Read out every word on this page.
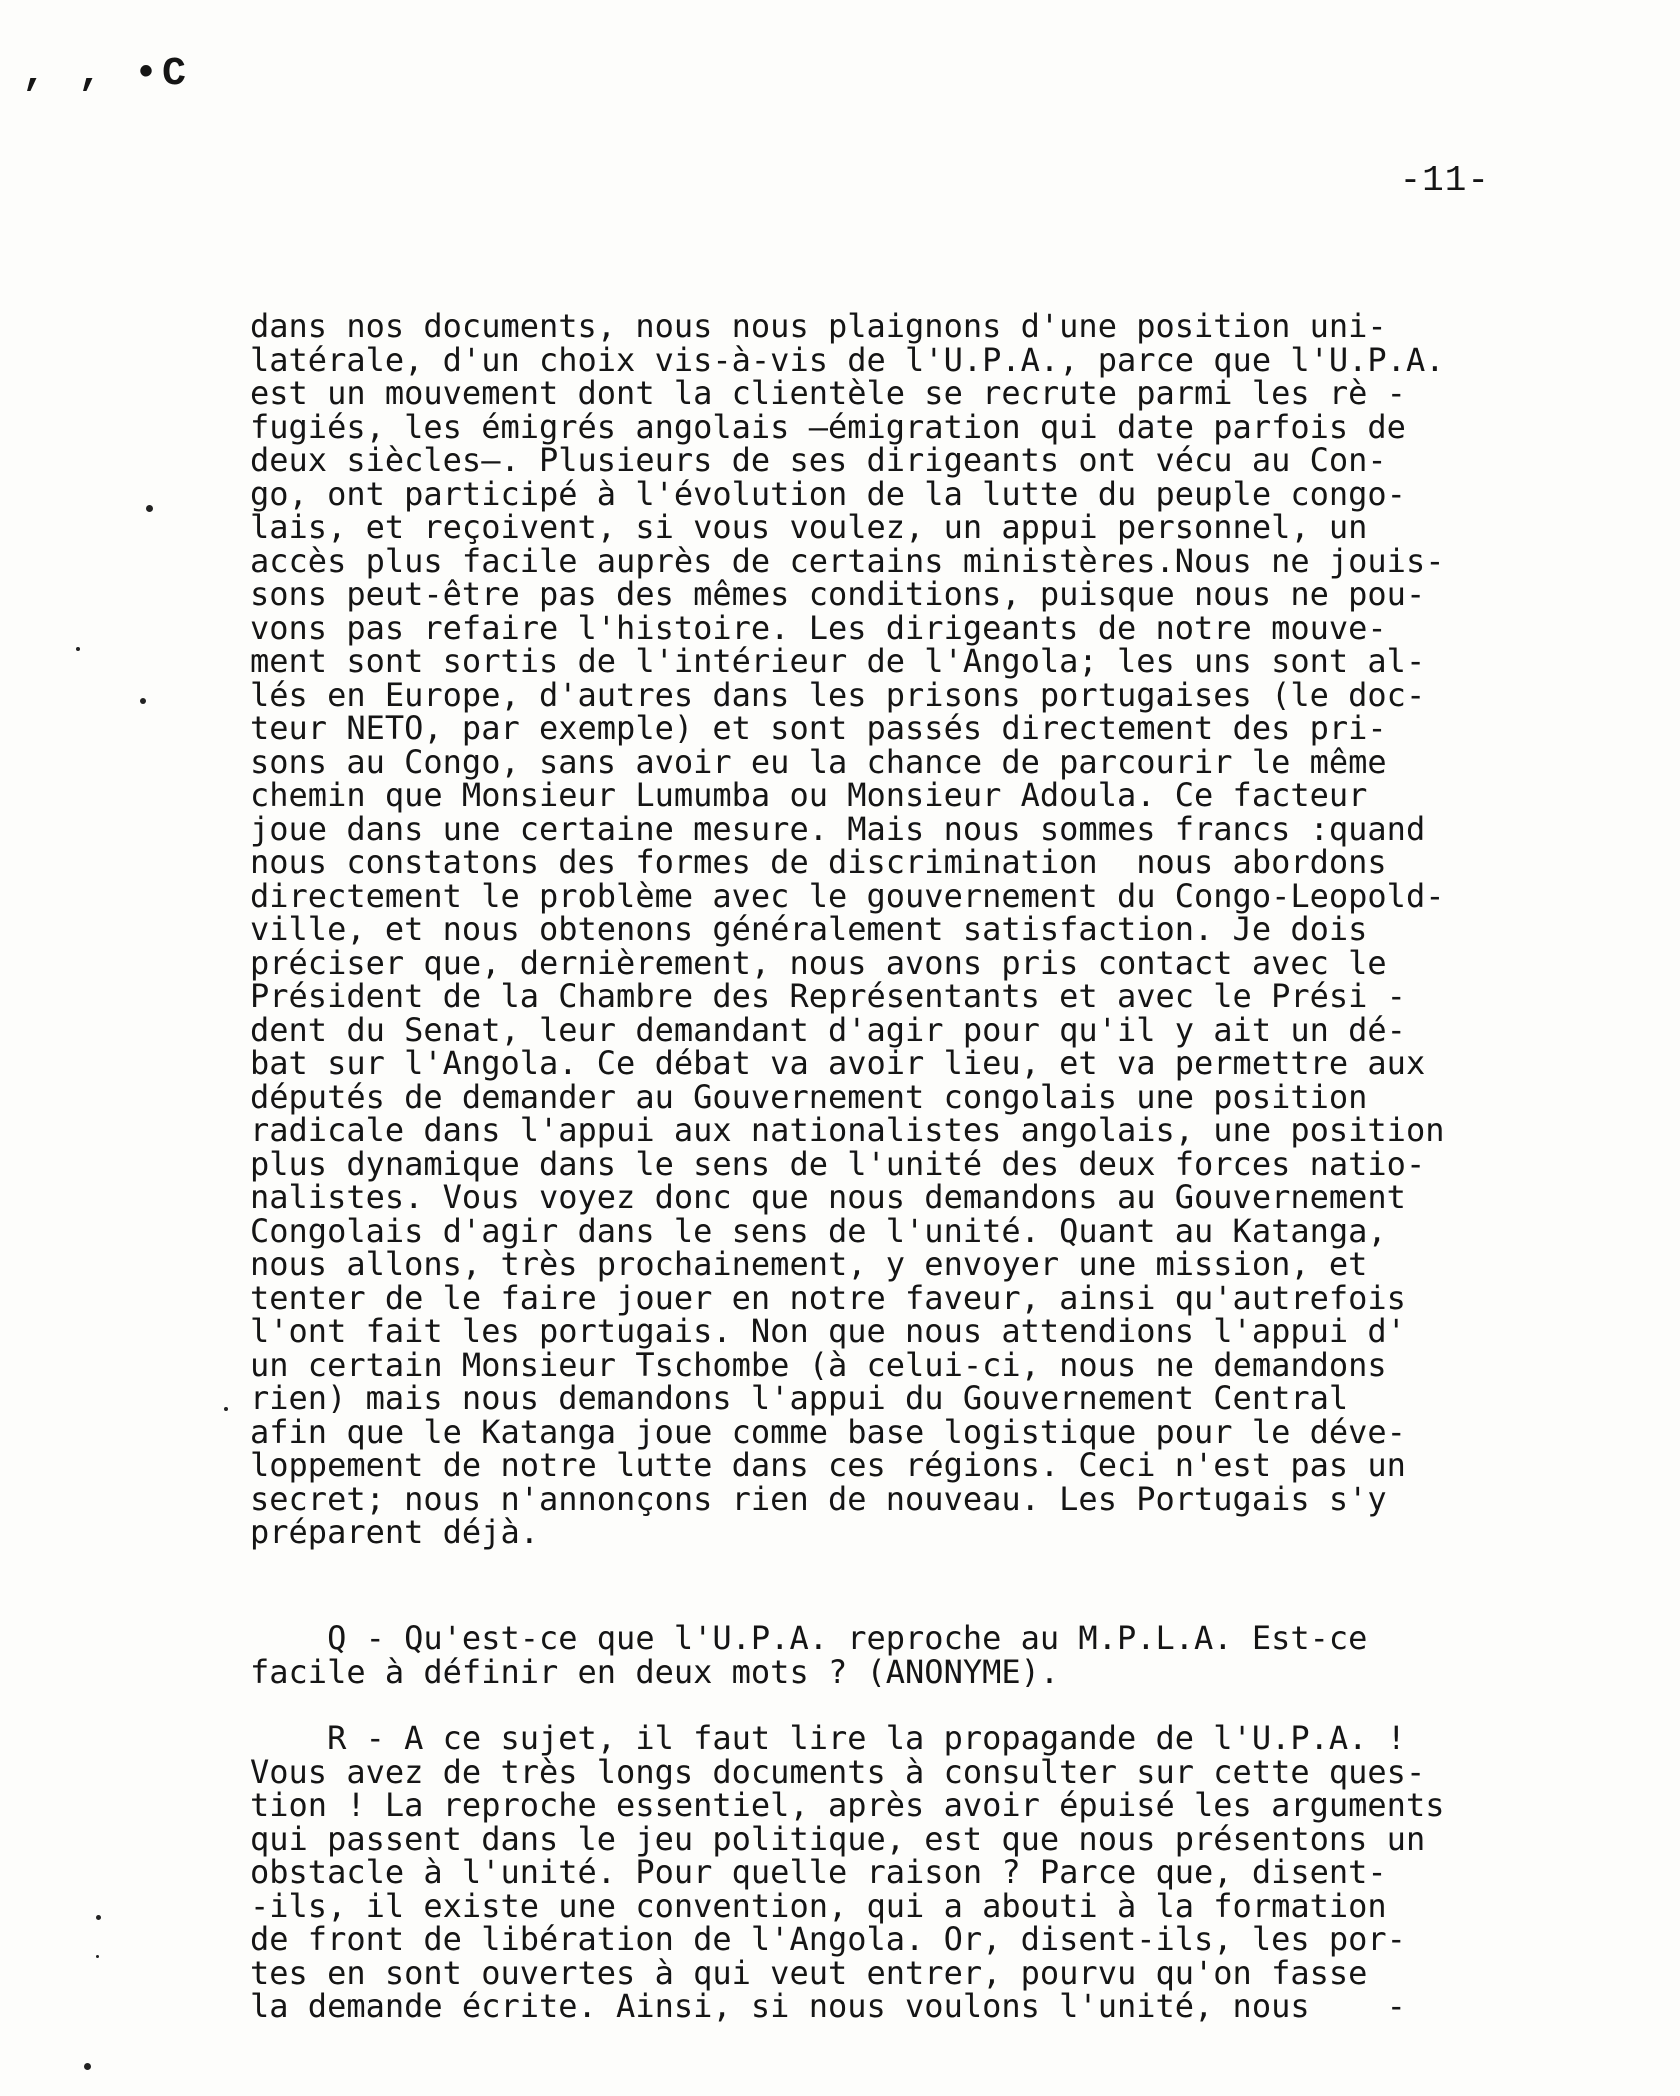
, , •C
-11-
dans nos documents, nous nous plaignons d'une position uni-
latérale, d'un choix vis-à-vis de l'U.P.A., parce que l'U.P.A.
est un mouvement dont la clientèle se recrute parmi les rè -
fugiés, les émigrés angolais —émigration qui date parfois de
deux siècles—. Plusieurs de ses dirigeants ont vécu au Con-
go, ont participé à l'évolution de la lutte du peuple congo-
lais, et reçoivent, si vous voulez, un appui personnel, un
accès plus facile auprès de certains ministères.Nous ne jouis-
sons peut-être pas des mêmes conditions, puisque nous ne pou-
vons pas refaire l'histoire. Les dirigeants de notre mouve-
ment sont sortis de l'intérieur de l'Angola; les uns sont al-
lés en Europe, d'autres dans les prisons portugaises (le doc-
teur NETO, par exemple) et sont passés directement des pri-
sons au Congo, sans avoir eu la chance de parcourir le même
chemin que Monsieur Lumumba ou Monsieur Adoula. Ce facteur
joue dans une certaine mesure. Mais nous sommes francs :quand
nous constatons des formes de discrimination  nous abordons
directement le problème avec le gouvernement du Congo-Leopold-
ville, et nous obtenons généralement satisfaction. Je dois
préciser que, dernièrement, nous avons pris contact avec le
Président de la Chambre des Représentants et avec le Prési -
dent du Senat, leur demandant d'agir pour qu'il y ait un dé-
bat sur l'Angola. Ce débat va avoir lieu, et va permettre aux
députés de demander au Gouvernement congolais une position
radicale dans l'appui aux nationalistes angolais, une position
plus dynamique dans le sens de l'unité des deux forces natio-
nalistes. Vous voyez donc que nous demandons au Gouvernement
Congolais d'agir dans le sens de l'unité. Quant au Katanga,
nous allons, très prochainement, y envoyer une mission, et
tenter de le faire jouer en notre faveur, ainsi qu'autrefois
l'ont fait les portugais. Non que nous attendions l'appui d'
un certain Monsieur Tschombe (à celui-ci, nous ne demandons
rien) mais nous demandons l'appui du Gouvernement Central
afin que le Katanga joue comme base logistique pour le déve-
loppement de notre lutte dans ces régions. Ceci n'est pas un
secret; nous n'annonçons rien de nouveau. Les Portugais s'y
préparent déjà.
Q - Qu'est-ce que l'U.P.A. reproche au M.P.L.A. Est-ce
facile à définir en deux mots ? (ANONYME).
R - A ce sujet, il faut lire la propagande de l'U.P.A. !
Vous avez de très longs documents à consulter sur cette ques-
tion ! La reproche essentiel, après avoir épuisé les arguments
qui passent dans le jeu politique, est que nous présentons un
obstacle à l'unité. Pour quelle raison ? Parce que, disent-
-ils, il existe une convention, qui a abouti à la formation
de front de libération de l'Angola. Or, disent-ils, les por-
tes en sont ouvertes à qui veut entrer, pourvu qu'on fasse
la demande écrite. Ainsi, si nous voulons l'unité, nous    -
